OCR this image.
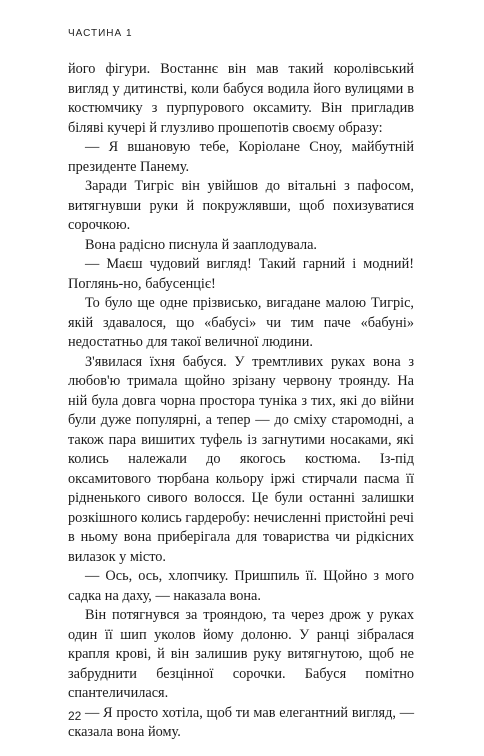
ЧАСТИНА 1

його фігури. Востаннє він мав такий королівський вигляд у дитинстві, коли бабуся водила його вулицями в костюмчику з пурпурового оксамиту. Він пригладив біляві кучері й глузливо прошепотів своєму образу:

— Я вшановую тебе, Коріолане Сноу, майбутній президенте Панему.

Заради Тигріс він увійшов до вітальні з пафосом, витягнувши руки й покружлявши, щоб похизуватися сорочкою.

Вона радісно писнула й зааплодувала.

— Маєш чудовий вигляд! Такий гарний і модний! Поглянь-но, бабусенціє!

То було ще одне прізвисько, вигадане малою Тигріс, якій здавалося, що «бабусі» чи тим паче «бабуні» недостатньо для такої величної людини.

З'явилася їхня бабуся. У тремтливих руках вона з любов'ю тримала щойно зрізану червону троянду. На ній була довга чорна простора туніка з тих, які до війни були дуже популярні, а тепер — до сміху старомодні, а також пара вишитих туфель із загнутими носаками, які колись належали до якогось костюма. Із-під оксамитового тюрбана кольору іржі стирчали пасма її рідненького сивого волосся. Це були останні залишки розкішного колись гардеробу: нечисленні пристойні речі в ньому вона приберігала для товариства чи рідкісних вилазок у місто.

— Ось, ось, хлопчику. Пришпиль її. Щойно з мого садка на даху, — наказала вона.

Він потягнувся за трояндою, та через дрож у руках один її шип уколов йому долоню. У ранці зібралася крапля крові, й він залишив руку витягнутою, щоб не забруднити безцінної сорочки. Бабуся помітно спантеличилася.

— Я просто хотіла, щоб ти мав елегантний вигляд, — сказала вона йому.

22
